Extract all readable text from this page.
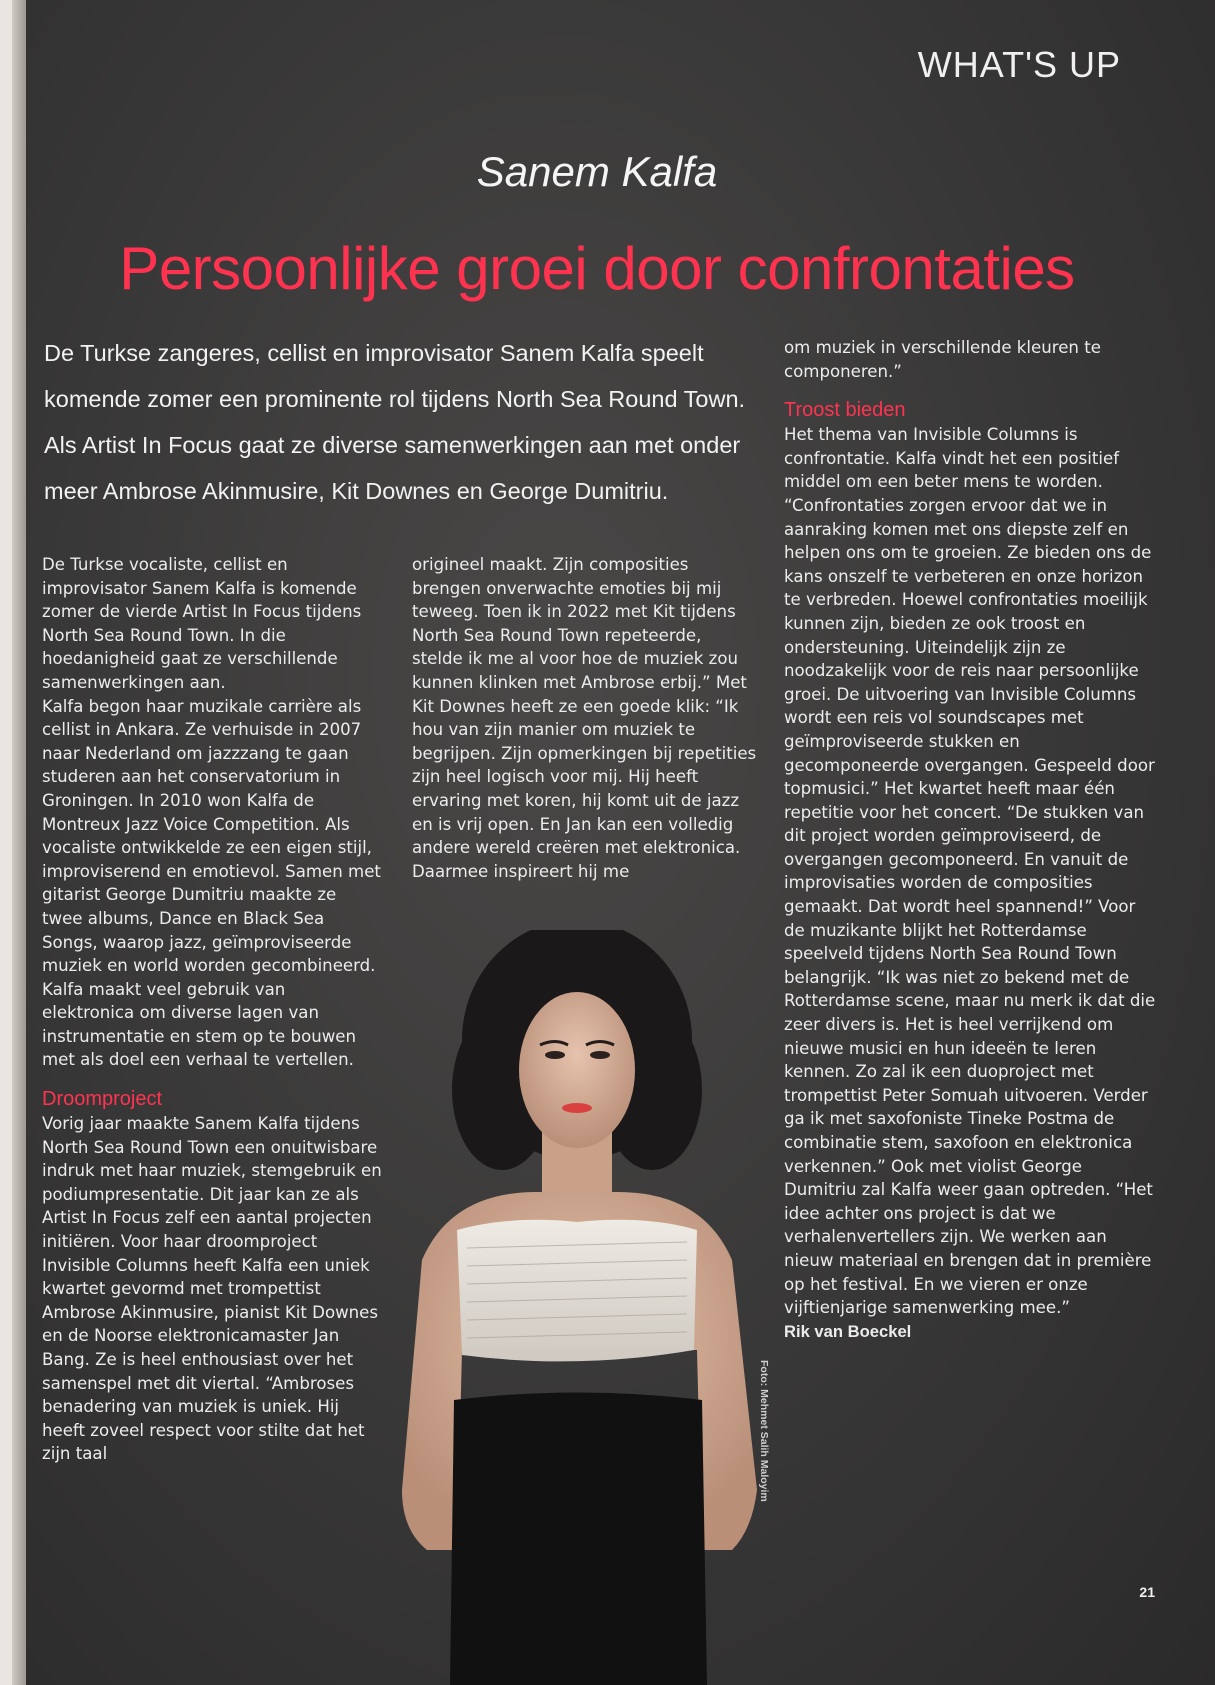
WHAT'S UP
Sanem Kalfa
Persoonlijke groei door confrontaties

De Turkse zangeres, cellist en improvisator Sanem Kalfa speelt komende zomer een prominente rol tijdens North Sea Round Town. Als Artist In Focus gaat ze diverse samenwerkingen aan met onder meer Ambrose Akinmusire, Kit Downes en George Dumitriu.

De Turkse vocaliste, cellist en improvisator Sanem Kalfa is komende zomer de vierde Artist In Focus tijdens North Sea Round Town. In die hoedanigheid gaat ze verschillende samenwerkingen aan.

Kalfa begon haar muzikale carrière als cellist in Ankara. Ze verhuisde in 2007 naar Nederland om jazzzang te gaan studeren aan het conservatorium in Groningen. In 2010 won Kalfa de Montreux Jazz Voice Competition. Als vocaliste ontwikkelde ze een eigen stijl, improviserend en emotievol. Samen met gitarist George Dumitriu maakte ze twee albums, Dance en Black Sea Songs, waarop jazz, geïmproviseerde muziek en world worden gecombineerd. Kalfa maakt veel gebruik van elektronica om diverse lagen van instrumentatie en stem op te bouwen met als doel een verhaal te vertellen.

Droomproject

Vorig jaar maakte Sanem Kalfa tijdens North Sea Round Town een onuitwisbare indruk met haar muziek, stemgebruik en podiumpresentatie. Dit jaar kan ze als Artist In Focus zelf een aantal projecten initiëren. Voor haar droomproject Invisible Columns heeft Kalfa een uniek kwartet gevormd met trompettist Ambrose Akinmusire, pianist Kit Downes en de Noorse elektronicamaster Jan Bang. Ze is heel enthousiast over het samenspel met dit viertal. “Ambroses benadering van muziek is uniek. Hij heeft zoveel respect voor stilte dat het zijn taal

origineel maakt. Zijn composities brengen onverwachte emoties bij mij teweeg. Toen ik in 2022 met Kit tijdens North Sea Round Town repeteerde, stelde ik me al voor hoe de muziek zou kunnen klinken met Ambrose erbij.” Met Kit Downes heeft ze een goede klik: “Ik hou van zijn manier om muziek te begrijpen. Zijn opmerkingen bij repetities zijn heel logisch voor mij. Hij heeft ervaring met koren, hij komt uit de jazz en is vrij open. En Jan kan een volledig andere wereld creëren met elektronica. Daarmee inspireert hij me

om muziek in verschillende kleuren te componeren.”

Troost bieden

Het thema van Invisible Columns is confrontatie. Kalfa vindt het een positief middel om een beter mens te worden. “Confrontaties zorgen ervoor dat we in aanraking komen met ons diepste zelf en helpen ons om te groeien. Ze bieden ons de kans onszelf te verbeteren en onze horizon te verbreden. Hoewel confrontaties moeilijk kunnen zijn, bieden ze ook troost en ondersteuning. Uiteindelijk zijn ze noodzakelijk voor de reis naar persoonlijke groei. De uitvoering van Invisible Columns wordt een reis vol soundscapes met geïmproviseerde stukken en gecomponeerde overgangen. Gespeeld door topmusici.” Het kwartet heeft maar één repetitie voor het concert. “De stukken van dit project worden geïmproviseerd, de overgangen gecomponeerd. En vanuit de improvisaties worden de composities gemaakt. Dat wordt heel spannend!” Voor de muzikante blijkt het Rotterdamse speelveld tijdens North Sea Round Town belangrijk. “Ik was niet zo bekend met de Rotterdamse scene, maar nu merk ik dat die zeer divers is. Het is heel verrijkend om nieuwe musici en hun ideeën te leren kennen. Zo zal ik een duoproject met trompettist Peter Somuah uitvoeren. Verder ga ik met saxofoniste Tineke Postma de combinatie stem, saxofoon en elektronica verkennen.” Ook met violist George Dumitriu zal Kalfa weer gaan optreden. “Het idee achter ons project is dat we verhalenvertellers zijn. We werken aan nieuw materiaal en brengen dat in première op het festival. En we vieren er onze vijftienjarige samenwerking mee.”

Rik van Boeckel

Foto: Mehmet Salih Maloyim
21
